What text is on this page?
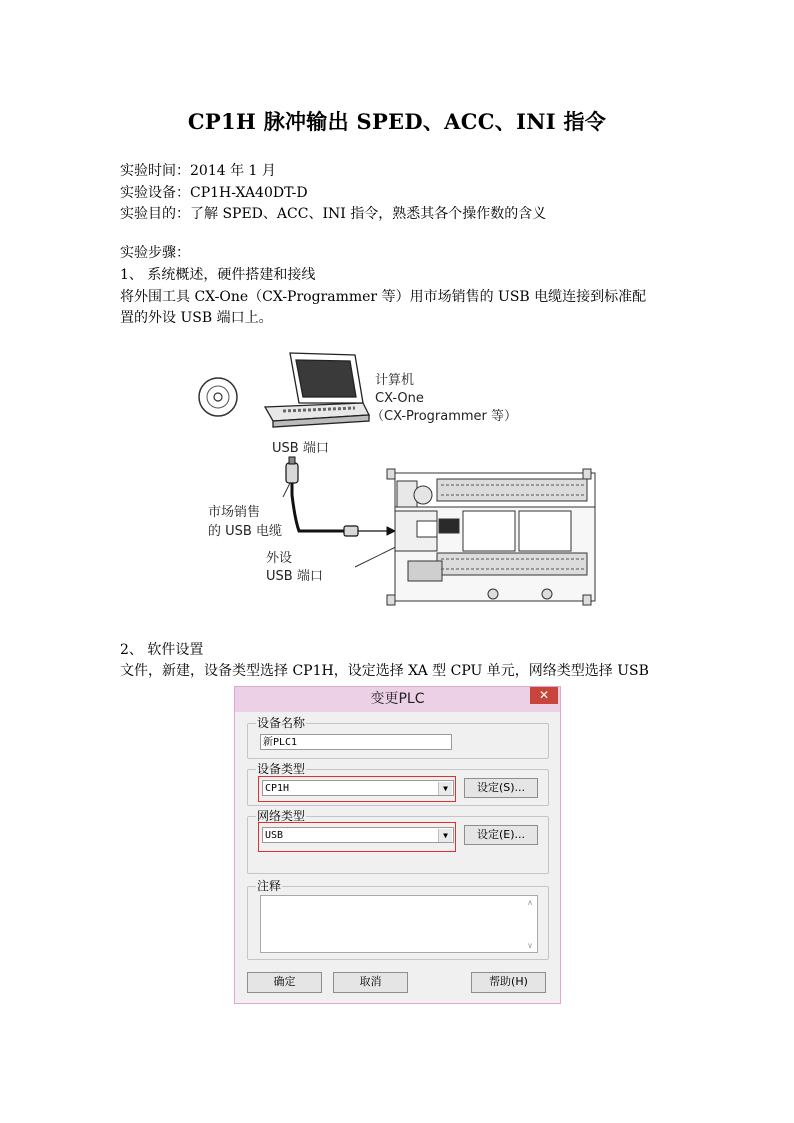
CP1H 脉冲输出 SPED、ACC、INI 指令
实验时间：2014 年 1 月
实验设备：CP1H-XA40DT-D
实验目的：了解 SPED、ACC、INI 指令，熟悉其各个操作数的含义
实验步骤：
1、 系统概述，硬件搭建和接线
将外围工具 CX-One（CX-Programmer 等）用市场销售的 USB 电缆连接到标准配
置的外设 USB 端口上。
计算机
CX-One
（CX-Programmer 等）
USB 端口
市场销售
的 USB 电缆
外设
USB 端口
2、 软件设置
文件，新建，设备类型选择 CP1H，设定选择 XA 型 CPU 单元，网络类型选择 USB
变更PLC	✕
设备名称
新PLC1
设备类型
CP1H	▼	设定(S)...
网络类型
USB	▼	设定(E)...
注释
∧
∨
确定	取消	帮助(H)
